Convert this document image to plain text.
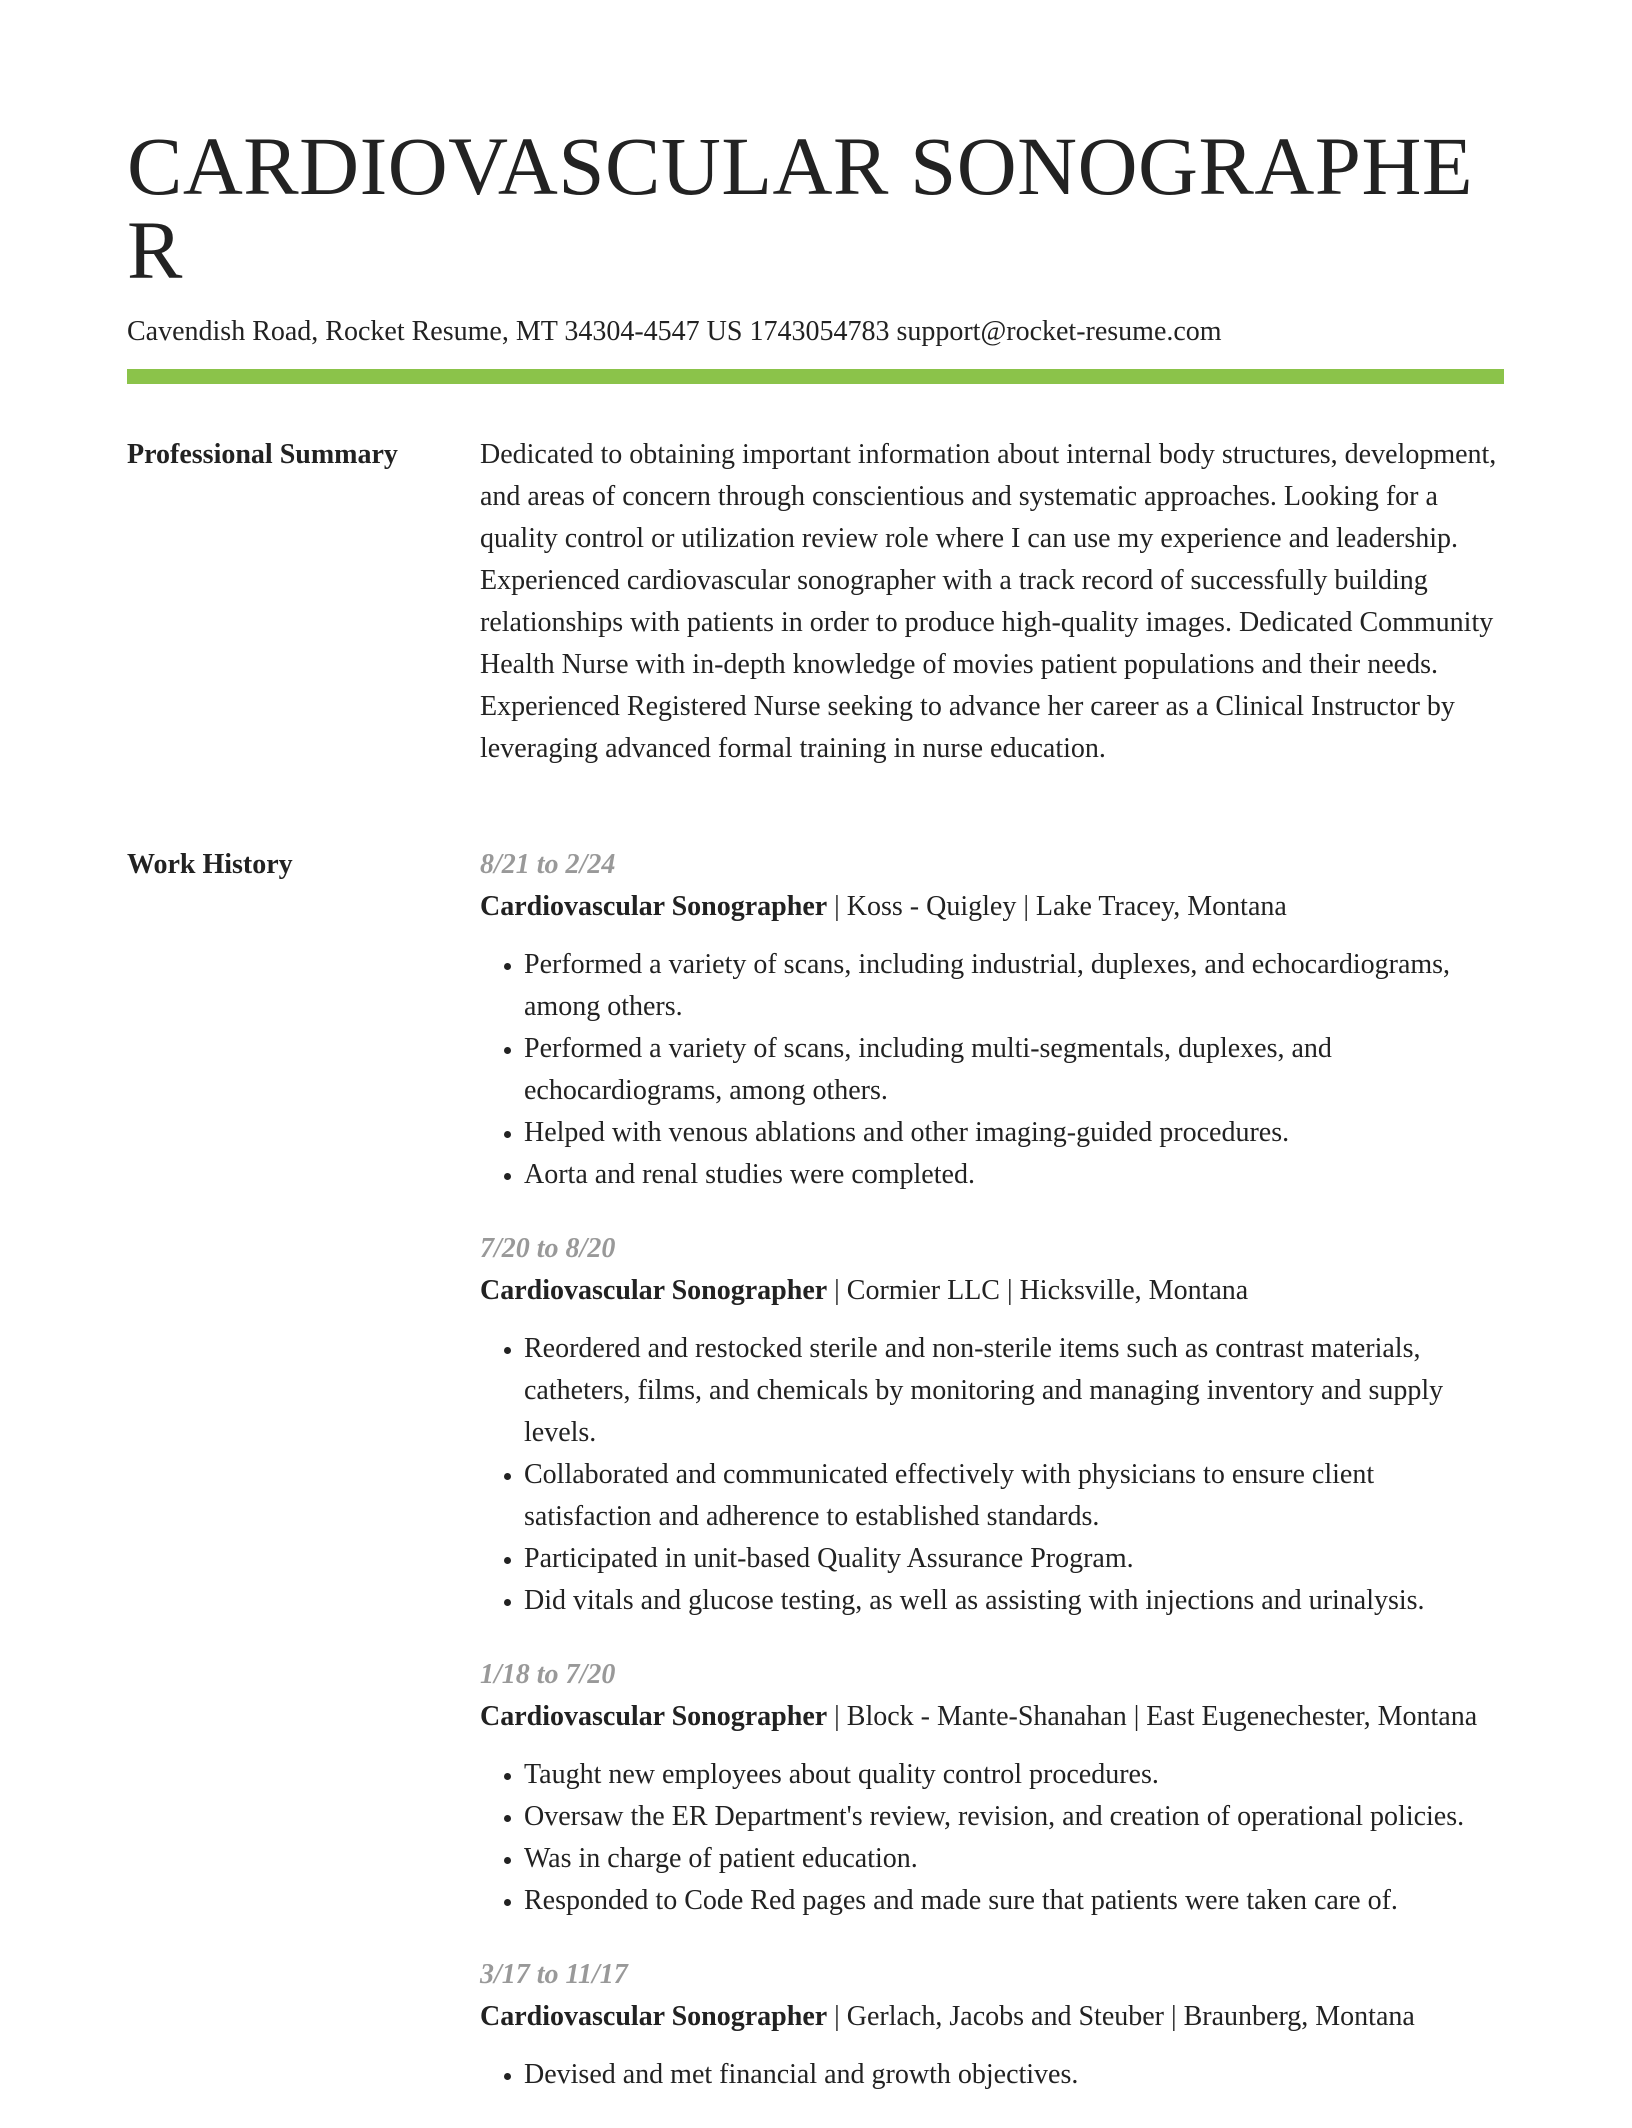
CARDIOVASCULAR SONOGRAPHER
Cavendish Road, Rocket Resume, MT 34304-4547 US 1743054783 support@rocket-resume.com
Professional Summary	Dedicated to obtaining important information about internal body structures, development, and areas of concern through conscientious and systematic approaches. Looking for a quality control or utilization review role where I can use my experience and leadership. Experienced cardiovascular sonographer with a track record of successfully building relationships with patients in order to produce high-quality images. Dedicated Community Health Nurse with in-depth knowledge of movies patient populations and their needs. Experienced Registered Nurse seeking to advance her career as a Clinical Instructor by leveraging advanced formal training in nurse education.

Work History	8/21 to 2/24
Cardiovascular Sonographer | Koss - Quigley | Lake Tracey, Montana
• Performed a variety of scans, including industrial, duplexes, and echocardiograms, among others.
• Performed a variety of scans, including multi-segmentals, duplexes, and echocardiograms, among others.
• Helped with venous ablations and other imaging-guided procedures.
• Aorta and renal studies were completed.
7/20 to 8/20
Cardiovascular Sonographer | Cormier LLC | Hicksville, Montana
• Reordered and restocked sterile and non-sterile items such as contrast materials, catheters, films, and chemicals by monitoring and managing inventory and supply levels.
• Collaborated and communicated effectively with physicians to ensure client satisfaction and adherence to established standards.
• Participated in unit-based Quality Assurance Program.
• Did vitals and glucose testing, as well as assisting with injections and urinalysis.
1/18 to 7/20
Cardiovascular Sonographer | Block - Mante-Shanahan | East Eugenechester, Montana
• Taught new employees about quality control procedures.
• Oversaw the ER Department's review, revision, and creation of operational policies.
• Was in charge of patient education.
• Responded to Code Red pages and made sure that patients were taken care of.
3/17 to 11/17
Cardiovascular Sonographer | Gerlach, Jacobs and Steuber | Braunberg, Montana
• Devised and met financial and growth objectives.
